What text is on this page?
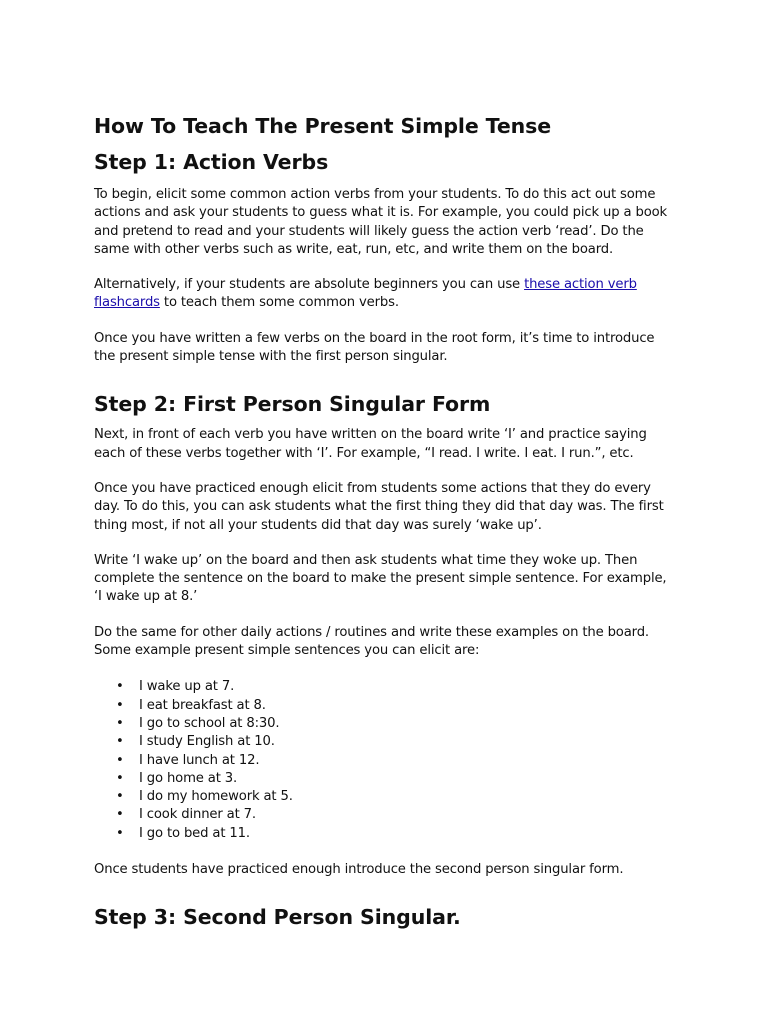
How To Teach The Present Simple Tense
Step 1: Action Verbs

To begin, elicit some common action verbs from your students. To do this act out some
actions and ask your students to guess what it is. For example, you could pick up a book
and pretend to read and your students will likely guess the action verb ‘read’. Do the
same with other verbs such as write, eat, run, etc, and write them on the board.

Alternatively, if your students are absolute beginners you can use these action verb
flashcards to teach them some common verbs.

Once you have written a few verbs on the board in the root form, it’s time to introduce
the present simple tense with the first person singular.

Step 2: First Person Singular Form

Next, in front of each verb you have written on the board write ‘I’ and practice saying
each of these verbs together with ‘I’. For example, “I read. I write. I eat. I run.”, etc.

Once you have practiced enough elicit from students some actions that they do every
day. To do this, you can ask students what the first thing they did that day was. The first
thing most, if not all your students did that day was surely ‘wake up’.

Write ‘I wake up’ on the board and then ask students what time they woke up. Then
complete the sentence on the board to make the present simple sentence. For example,
‘I wake up at 8.’

Do the same for other daily actions / routines and write these examples on the board.
Some example present simple sentences you can elicit are:

• I wake up at 7.
• I eat breakfast at 8.
• I go to school at 8:30.
• I study English at 10.
• I have lunch at 12.
• I go home at 3.
• I do my homework at 5.
• I cook dinner at 7.
• I go to bed at 11.

Once students have practiced enough introduce the second person singular form.

Step 3: Second Person Singular.
